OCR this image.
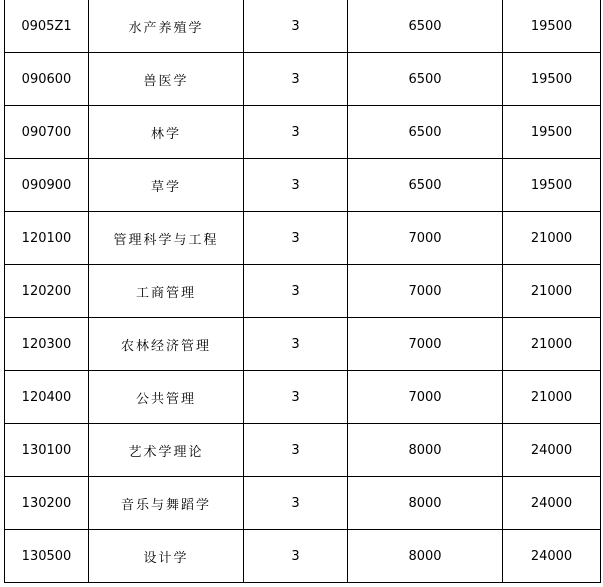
0905Z1	水产养殖学	3	6500	19500
090600	兽医学	3	6500	19500
090700	林学	3	6500	19500
090900	草学	3	6500	19500
120100	管理科学与工程	3	7000	21000
120200	工商管理	3	7000	21000
120300	农林经济管理	3	7000	21000
120400	公共管理	3	7000	21000
130100	艺术学理论	3	8000	24000
130200	音乐与舞蹈学	3	8000	24000
130500	设计学	3	8000	24000
